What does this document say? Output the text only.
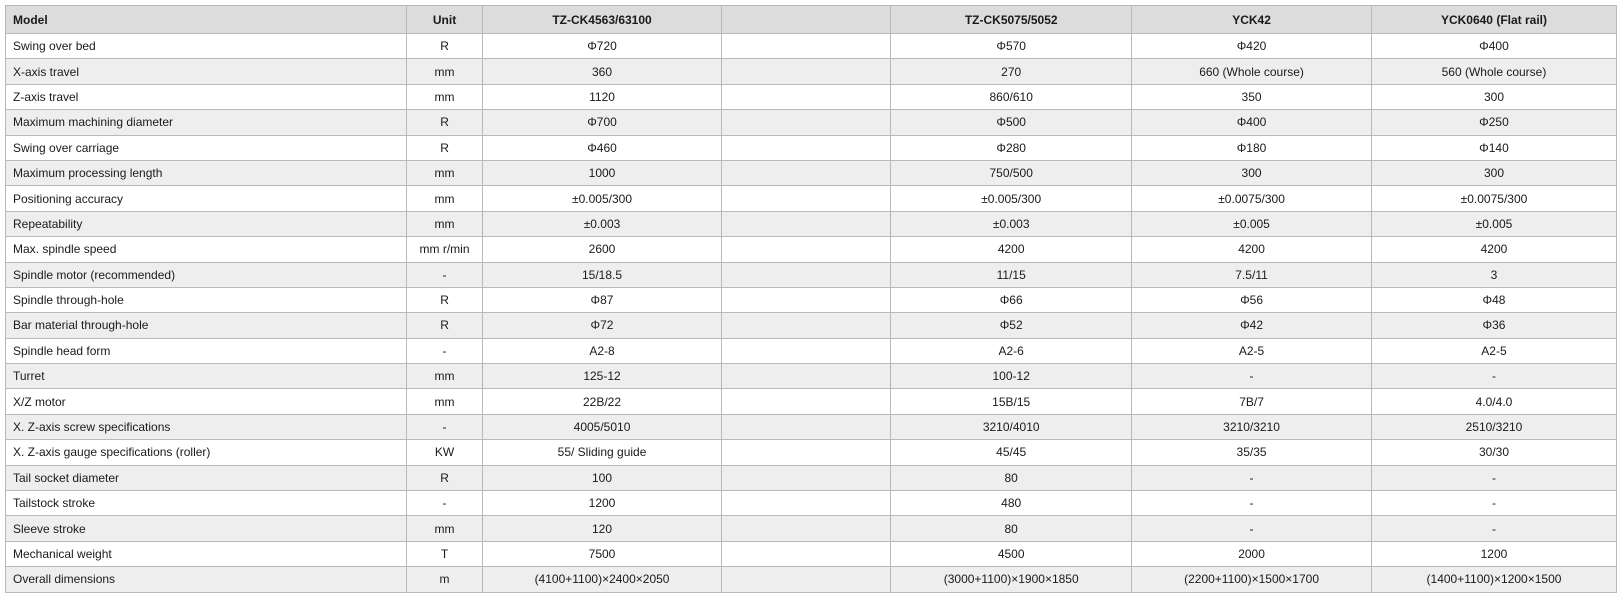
Model	Unit	TZ-CK4563/63100		TZ-CK5075/5052	YCK42	YCK0640 (Flat rail)
Swing over bed	R	Φ720		Φ570	Φ420	Φ400
X-axis travel	mm	360		270	660 (Whole course)	560 (Whole course)
Z-axis travel	mm	1120		860/610	350	300
Maximum machining diameter	R	Φ700		Φ500	Φ400	Φ250
Swing over carriage	R	Φ460		Φ280	Φ180	Φ140
Maximum processing length	mm	1000		750/500	300	300
Positioning accuracy	mm	±0.005/300		±0.005/300	±0.0075/300	±0.0075/300
Repeatability	mm	±0.003		±0.003	±0.005	±0.005
Max. spindle speed	mm r/min	2600		4200	4200	4200
Spindle motor (recommended)	-	15/18.5		11/15	7.5/11	3
Spindle through-hole	R	Φ87		Φ66	Φ56	Φ48
Bar material through-hole	R	Φ72		Φ52	Φ42	Φ36
Spindle head form	-	A2-8		A2-6	A2-5	A2-5
Turret	mm	125-12		100-12	-	-
X/Z motor	mm	22B/22		15B/15	7B/7	4.0/4.0
X. Z-axis screw specifications	-	4005/5010		3210/4010	3210/3210	2510/3210
X. Z-axis gauge specifications (roller)	KW	55/ Sliding guide		45/45	35/35	30/30
Tail socket diameter	R	100		80	-	-
Tailstock stroke	-	1200		480	-	-
Sleeve stroke	mm	120		80	-	-
Mechanical weight	T	7500		4500	2000	1200
Overall dimensions	m	(4100+1100)×2400×2050		(3000+1100)×1900×1850	(2200+1100)×1500×1700	(1400+1100)×1200×1500
